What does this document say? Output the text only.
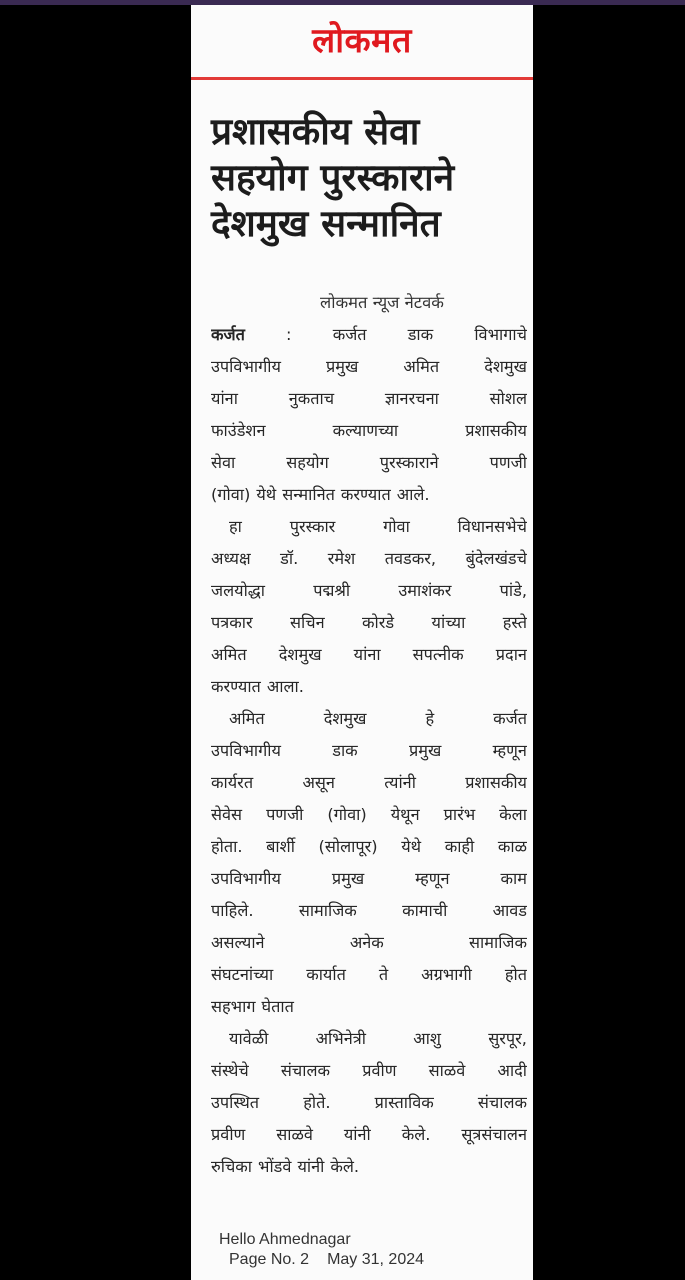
लोकमत
प्रशासकीय सेवा
सहयोग पुरस्काराने
देशमुख सन्मानित
लोकमत न्यूज नेटवर्क
कर्जत	:	कर्जत	डाक	विभागाचे
उपविभागीय	प्रमुख	अमित	देशमुख
यांना	नुकताच	ज्ञानरचना	सोशल
फाउंडेशन	कल्याणच्या	प्रशासकीय
सेवा	सहयोग	पुरस्काराने	पणजी
(गोवा) येथे सन्मानित करण्यात आले.
हा	पुरस्कार	गोवा	विधानसभेचे
अध्यक्ष डॉ. रमेश तवडकर, बुंदेलखंडचे
जलयोद्धा	पद्मश्री	उमाशंकर	पांडे,
पत्रकार सचिन कोरडे यांच्या हस्ते
अमित देशमुख यांना सपत्नीक प्रदान
करण्यात आला.
अमित	देशमुख	हे	कर्जत
उपविभागीय	डाक	प्रमुख	म्हणून
कार्यरत	असून	त्यांनी	प्रशासकीय
सेवेस पणजी (गोवा) येथून प्रारंभ केला
होता. बार्शी (सोलापूर) येथे काही काळ
उपविभागीय	प्रमुख	म्हणून	काम
पाहिले.	सामाजिक	कामाची	आवड
असल्याने	अनेक	सामाजिक
संघटनांच्या कार्यात ते अग्रभागी होत
सहभाग घेतात
यावेळी	अभिनेत्री	आशु	सुरपूर,
संस्थेचे संचालक प्रवीण साळवे आदी
उपस्थित	होते.	प्रास्ताविक	संचालक
प्रवीण साळवे यांनी केले. सूत्रसंचालन
रुचिका भोंडवे यांनी केले.
Hello Ahmednagar
Page No. 2 May 31, 2024
